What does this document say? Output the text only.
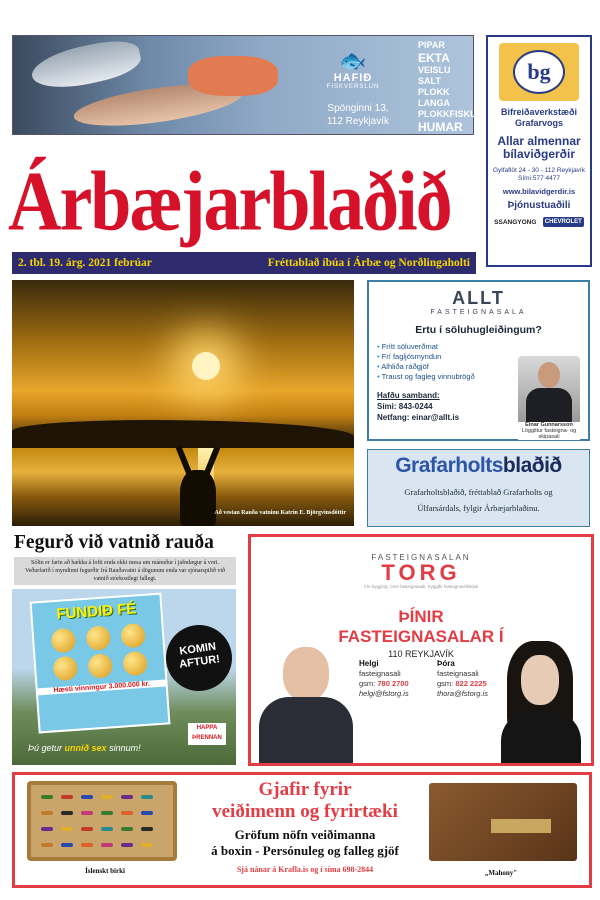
🐟
HAFIÐ
FISKVERSLUN
Spönginni 13,
112 Reykjavík
PIPAR
EKTA
VEISLU
SALT
PLOKK
LANGA
PLOKKFISKUR
HUMAR
LAX
ÝSA
Árbæjarblaðið
2. tbl. 19. árg. 2021 febrúar	Fréttablað íbúa í Árbæ og Norðlingaholti
bg
Bifreiðaverkstæði
Grafarvogs
Allar almennar
bílaviðgerðir
Gylfaflöt 24 - 30 - 112 Reykjavík
Sími 577 4477
www.bilavidgerdir.is
Þjónustuaðili
SSANGYONG	CHEVROLET
Að vestan Rauða vatninu Katrín E. Björgvinsdóttir
ALLT
FASTEIGNASALA
Ertu í söluhugleiðingum?
• Frítt söluverðmat
• Frí fagljósmyndun
• Alhliða ráðgjöf
• Traust og fagleg vinnubrögð
Hafðu samband:
Sími: 843-0244
Netfang: einar@allt.is
Einar Gunnarsson
Löggiltur fasteigna- og skipasali
Grafarholtsblaðið
Grafarholtsblaðið, fréttablað Grafarholts og
Úlfarsárdals, fylgir Árbæjarblaðinu.
Fegurð við vatnið rauða
Sólin er farin að hækka á lofti enda ekki mesa um mánuður í jafndægur á vori. Veðurfarið í myndinni fegurðir frá Rauðavatni á dögunum enda var sjónarspilið við vatnið stórkostlegt fallegt.
FUNDIÐ FÉ
Hæsti vinningur 3.000.000 kr.
KOMIN
AFTUR!
Þú getur unnið sex sinnum!
HAPPA
ÞRENNAN
FASTEIGNASALAN
TORG
Þín bygging, Þinn fasteignasali, tryggðir fasteignaviðskipti
ÞÍNIR
FASTEIGNASALAR Í
110 REYKJAVÍK
Helgi
fasteignasali
gsm: 780 2700
helgi@fstorg.is
Þóra
fasteignasali
gsm: 822 2225
thora@fstorg.is
Íslenskt birki
Gjafir fyrir
veiðimenn og fyrirtæki
Gröfum nöfn veiðimanna
á boxin - Persónuleg og falleg gjöf
Sjá nánar á Krafla.is og í síma 698-2844	„Mahony"
